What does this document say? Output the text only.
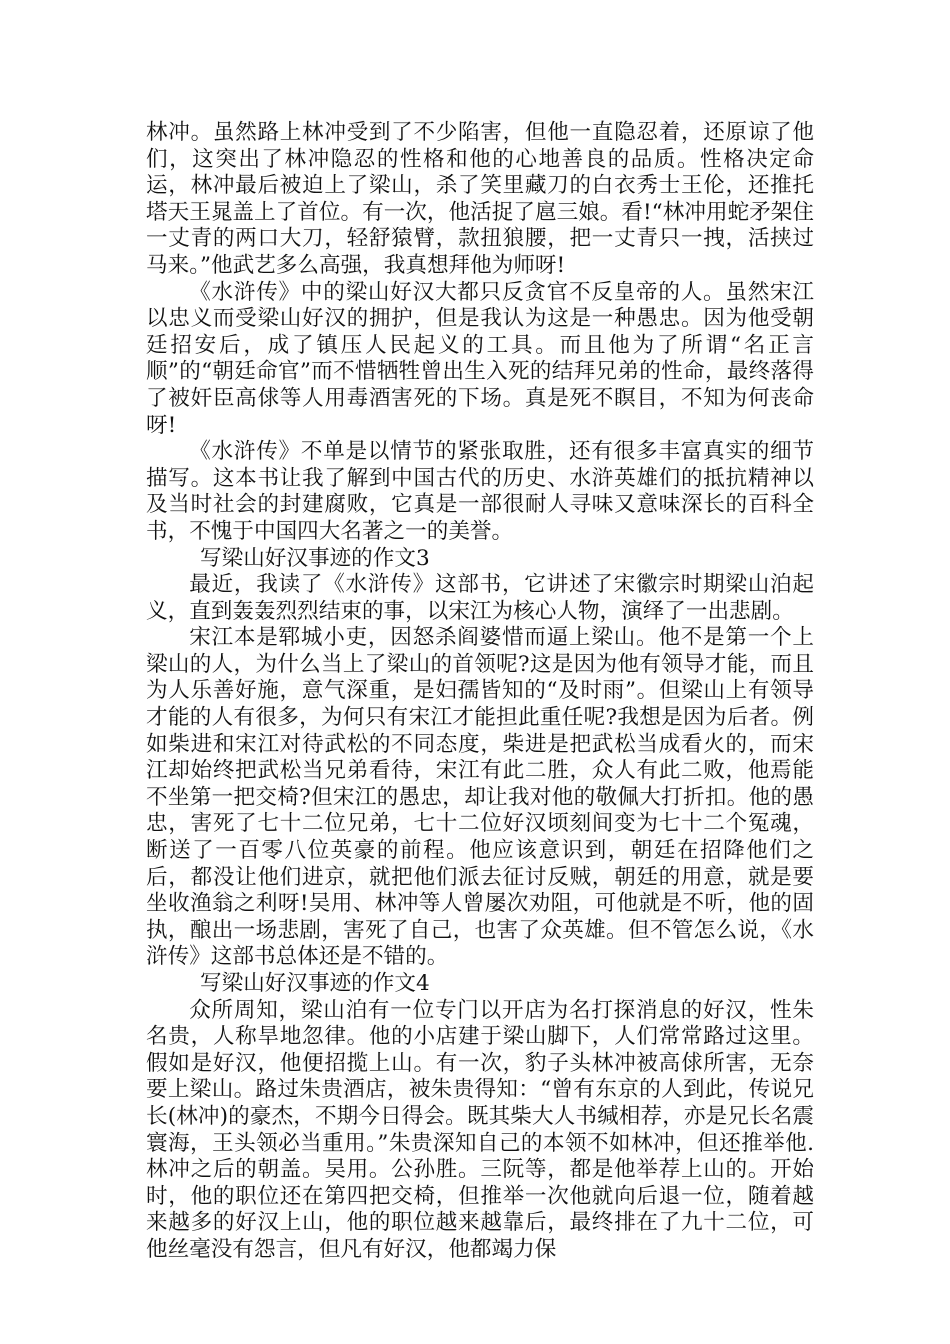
林冲。虽然路上林冲受到了不少陷害，但他一直隐忍着，还原谅了他们，这突出了林冲隐忍的性格和他的心地善良的品质。性格决定命运，林冲最后被迫上了梁山，杀了笑里藏刀的白衣秀士王伦，还推托塔天王晁盖上了首位。有一次，他活捉了扈三娘。看!“林冲用蛇矛架住一丈青的两口大刀，轻舒猿臂，款扭狼腰，把一丈青只一拽，活挟过马来。”他武艺多么高强，我真想拜他为师呀!

《水浒传》中的梁山好汉大都只反贪官不反皇帝的人。虽然宋江以忠义而受梁山好汉的拥护，但是我认为这是一种愚忠。因为他受朝廷招安后，成了镇压人民起义的工具。而且他为了所谓“名正言顺”的“朝廷命官”而不惜牺牲曾出生入死的结拜兄弟的性命，最终落得了被奸臣高俅等人用毒酒害死的下场。真是死不瞑目，不知为何丧命呀!

《水浒传》不单是以情节的紧张取胜，还有很多丰富真实的细节描写。这本书让我了解到中国古代的历史、水浒英雄们的抵抗精神以及当时社会的封建腐败，它真是一部很耐人寻味又意味深长的百科全书，不愧于中国四大名著之一的美誉。

写梁山好汉事迹的作文3

最近，我读了《水浒传》这部书，它讲述了宋徽宗时期梁山泊起义，直到轰轰烈烈结束的事，以宋江为核心人物，演绎了一出悲剧。

宋江本是郓城小吏，因怒杀阎婆惜而逼上梁山。他不是第一个上梁山的人，为什么当上了梁山的首领呢?这是因为他有领导才能，而且为人乐善好施，意气深重，是妇孺皆知的“及时雨”。但梁山上有领导才能的人有很多，为何只有宋江才能担此重任呢?我想是因为后者。例如柴进和宋江对待武松的不同态度，柴进是把武松当成看火的，而宋江却始终把武松当兄弟看待，宋江有此二胜，众人有此二败，他焉能不坐第一把交椅?但宋江的愚忠，却让我对他的敬佩大打折扣。他的愚忠，害死了七十二位兄弟，七十二位好汉顷刻间变为七十二个冤魂，断送了一百零八位英豪的前程。他应该意识到，朝廷在招降他们之后，都没让他们进京，就把他们派去征讨反贼，朝廷的用意，就是要坐收渔翁之利呀!吴用、林冲等人曾屡次劝阻，可他就是不听，他的固执，酿出一场悲剧，害死了自己，也害了众英雄。但不管怎么说，《水浒传》这部书总体还是不错的。

写梁山好汉事迹的作文4

众所周知，梁山泊有一位专门以开店为名打探消息的好汉，性朱名贵，人称旱地忽律。他的小店建于梁山脚下，人们常常路过这里。假如是好汉，他便招揽上山。有一次，豹子头林冲被高俅所害，无奈要上梁山。路过朱贵酒店，被朱贵得知：“曾有东京的人到此，传说兄长(林冲)的豪杰，不期今日得会。既其柴大人书缄相荐，亦是兄长名震寰海，王头领必当重用。”朱贵深知自己的本领不如林冲，但还推举他.林冲之后的朝盖。吴用。公孙胜。三阮等，都是他举荐上山的。开始时，他的职位还在第四把交椅，但推举一次他就向后退一位，随着越来越多的好汉上山，他的职位越来越靠后，最终排在了九十二位，可他丝毫没有怨言，但凡有好汉，他都竭力保
